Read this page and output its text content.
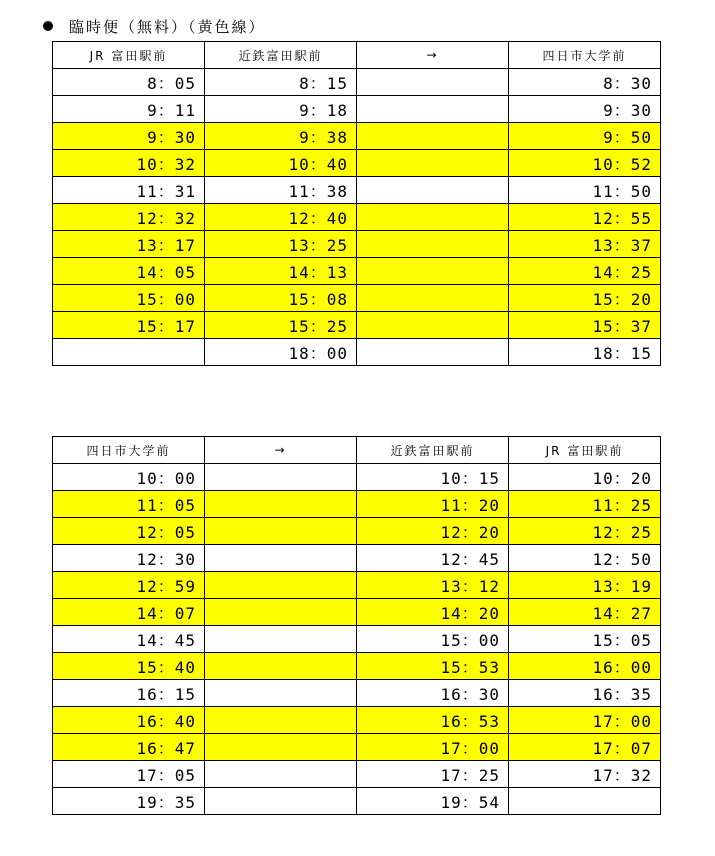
臨時便（無料）（黄色線）
JR 富田駅前	近鉄富田駅前	→	四日市大学前
8：05	8：15		8：30
9：11	9：18		9：30
9：30	9：38		9：50
10：32	10：40		10：52
11：31	11：38		11：50
12：32	12：40		12：55
13：17	13：25		13：37
14：05	14：13		14：25
15：00	15：08		15：20
15：17	15：25		15：37
	18：00		18：15
四日市大学前	→	近鉄富田駅前	JR 富田駅前
10：00		10：15	10：20
11：05		11：20	11：25
12：05		12：20	12：25
12：30		12：45	12：50
12：59		13：12	13：19
14：07		14：20	14：27
14：45		15：00	15：05
15：40		15：53	16：00
16：15		16：30	16：35
16：40		16：53	17：00
16：47		17：00	17：07
17：05		17：25	17：32
19：35		19：54	
